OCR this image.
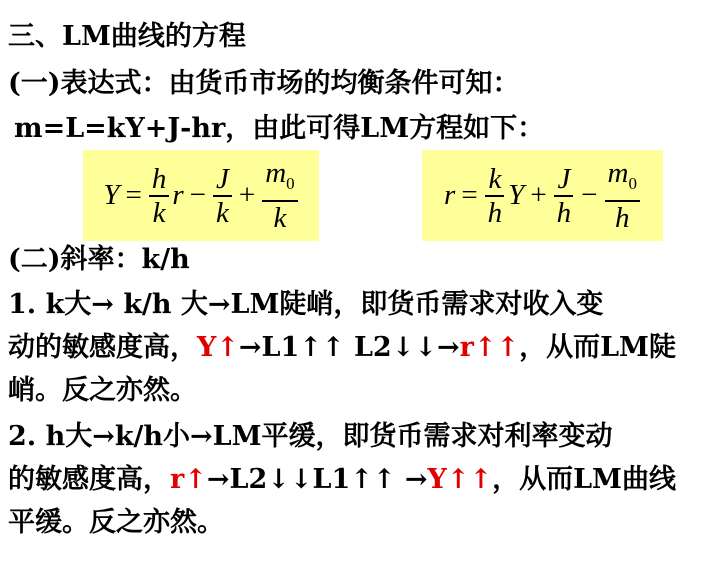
三、LM曲线的方程
(一)表达式：由货币市场的均衡条件可知：
m=L=kY+J-hr，由此可得LM方程如下：
$Y = \frac{h}{k}$ $r - \frac{J}{k} + \frac{m_0}{k}$	$r = \frac{k}{h}$ $Y + \frac{J}{h} - \frac{m_0}{h}$
(二)斜率：k/h
1. k大→ k/h 大→LM陡峭，即货币需求对收入变
动的敏感度高，Y↑→L1↑↑ L2↓↓→r↑↑，从而LM陡
峭。反之亦然。
2. h大→k/h小→LM平缓，即货币需求对利率变动
的敏感度高，r↑→L2↓↓L1↑↑ →Y↑↑，从而LM曲线
平缓。反之亦然。
